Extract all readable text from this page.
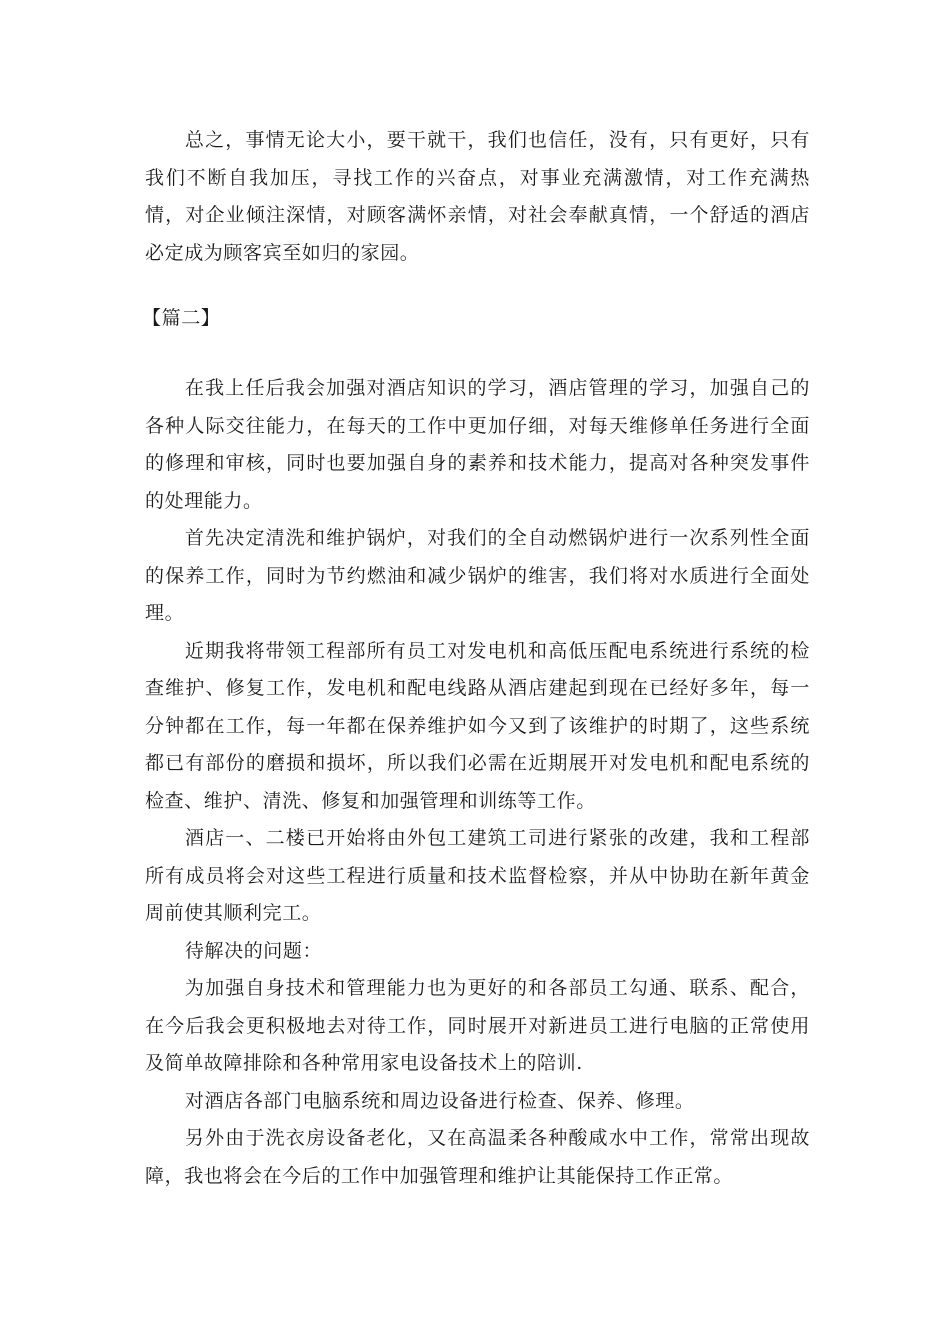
总之，事情无论大小，要干就干，我们也信任，没有，只有更好，只有我们不断自我加压，寻找工作的兴奋点，对事业充满激情，对工作充满热情，对企业倾注深情，对顾客满怀亲情，对社会奉献真情，一个舒适的酒店必定成为顾客宾至如归的家园。

【篇二】

在我上任后我会加强对酒店知识的学习，酒店管理的学习，加强自己的各种人际交往能力，在每天的工作中更加仔细，对每天维修单任务进行全面的修理和审核，同时也要加强自身的素养和技术能力，提高对各种突发事件的处理能力。

首先决定清洗和维护锅炉，对我们的全自动燃锅炉进行一次系列性全面的保养工作，同时为节约燃油和减少锅炉的维害，我们将对水质进行全面处理。

近期我将带领工程部所有员工对发电机和高低压配电系统进行系统的检查维护、修复工作，发电机和配电线路从酒店建起到现在已经好多年，每一分钟都在工作，每一年都在保养维护如今又到了该维护的时期了，这些系统都已有部份的磨损和损坏，所以我们必需在近期展开对发电机和配电系统的检查、维护、清洗、修复和加强管理和训练等工作。

酒店一、二楼已开始将由外包工建筑工司进行紧张的改建，我和工程部所有成员将会对这些工程进行质量和技术监督检察，并从中协助在新年黄金周前使其顺利完工。

待解决的问题：

为加强自身技术和管理能力也为更好的和各部员工勾通、联系、配合，在今后我会更积极地去对待工作，同时展开对新进员工进行电脑的正常使用及简单故障排除和各种常用家电设备技术上的陪训.

对酒店各部门电脑系统和周边设备进行检查、保养、修理。

另外由于洗衣房设备老化，又在高温柔各种酸咸水中工作，常常出现故障，我也将会在今后的工作中加强管理和维护让其能保持工作正常。
